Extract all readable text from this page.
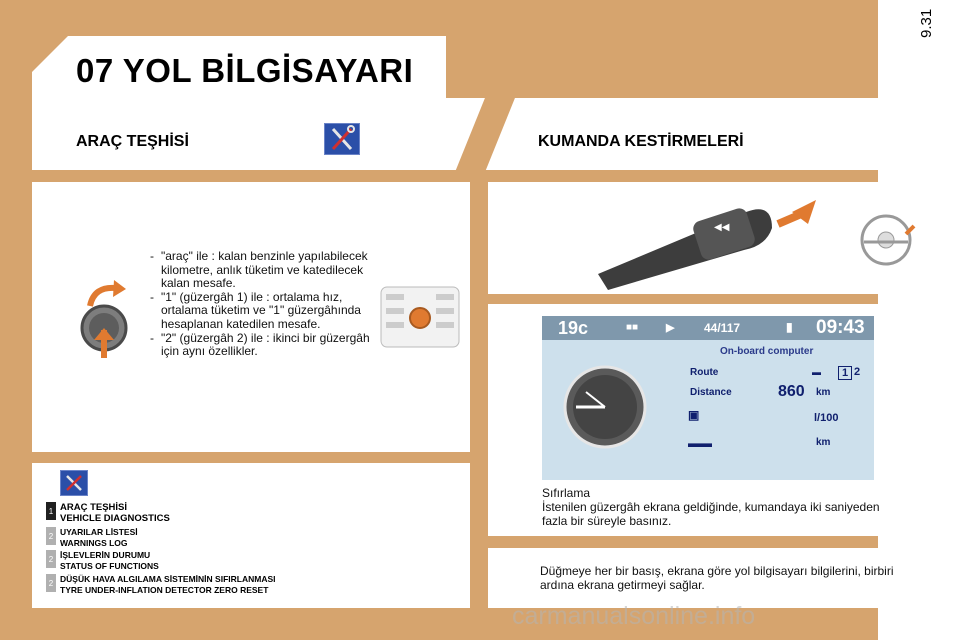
07 YOL BİLGİSAYARI
9.31
ARAÇ TEŞHİSİ	KUMANDA KESTİRMELERİ
- "araç" ile : kalan benzinle yapılabilecek kilometre, anlık tüketim ve katedilecek kalan mesafe.
- "1" (güzergâh 1) ile : ortalama hız, ortalama tüketim ve "1" güzergâhında hesaplanan katedilen mesafe.
- "2" (güzergâh 2) ile : ikinci bir güzergâh için aynı özellikler.
1 ARAÇ TEŞHİSİ
VEHICLE DIAGNOSTICS
2 UYARILAR LİSTESİ
WARNINGS LOG
2 İŞLEVLERİN DURUMU
STATUS OF FUNCTIONS
2 DÜŞÜK HAVA ALGILAMA SİSTEMİNİN SIFIRLANMASI
TYRE UNDER-INFLATION DETECTOR ZERO RESET
◀◀
19c	■■	▶ 44/117	▮ 09:43
On-board computer
Route
Distance	860 km
l/100
km
1 2
▬
▣
▬▬
Sıfırlama
İstenilen güzergâh ekrana geldiğinde, kumandaya iki saniyeden fazla bir süreyle basınız.
Düğmeye her bir basış, ekrana göre yol bilgisayarı bilgilerini, birbiri ardına ekrana getirmeyi sağlar.
carmanualsonline.info
